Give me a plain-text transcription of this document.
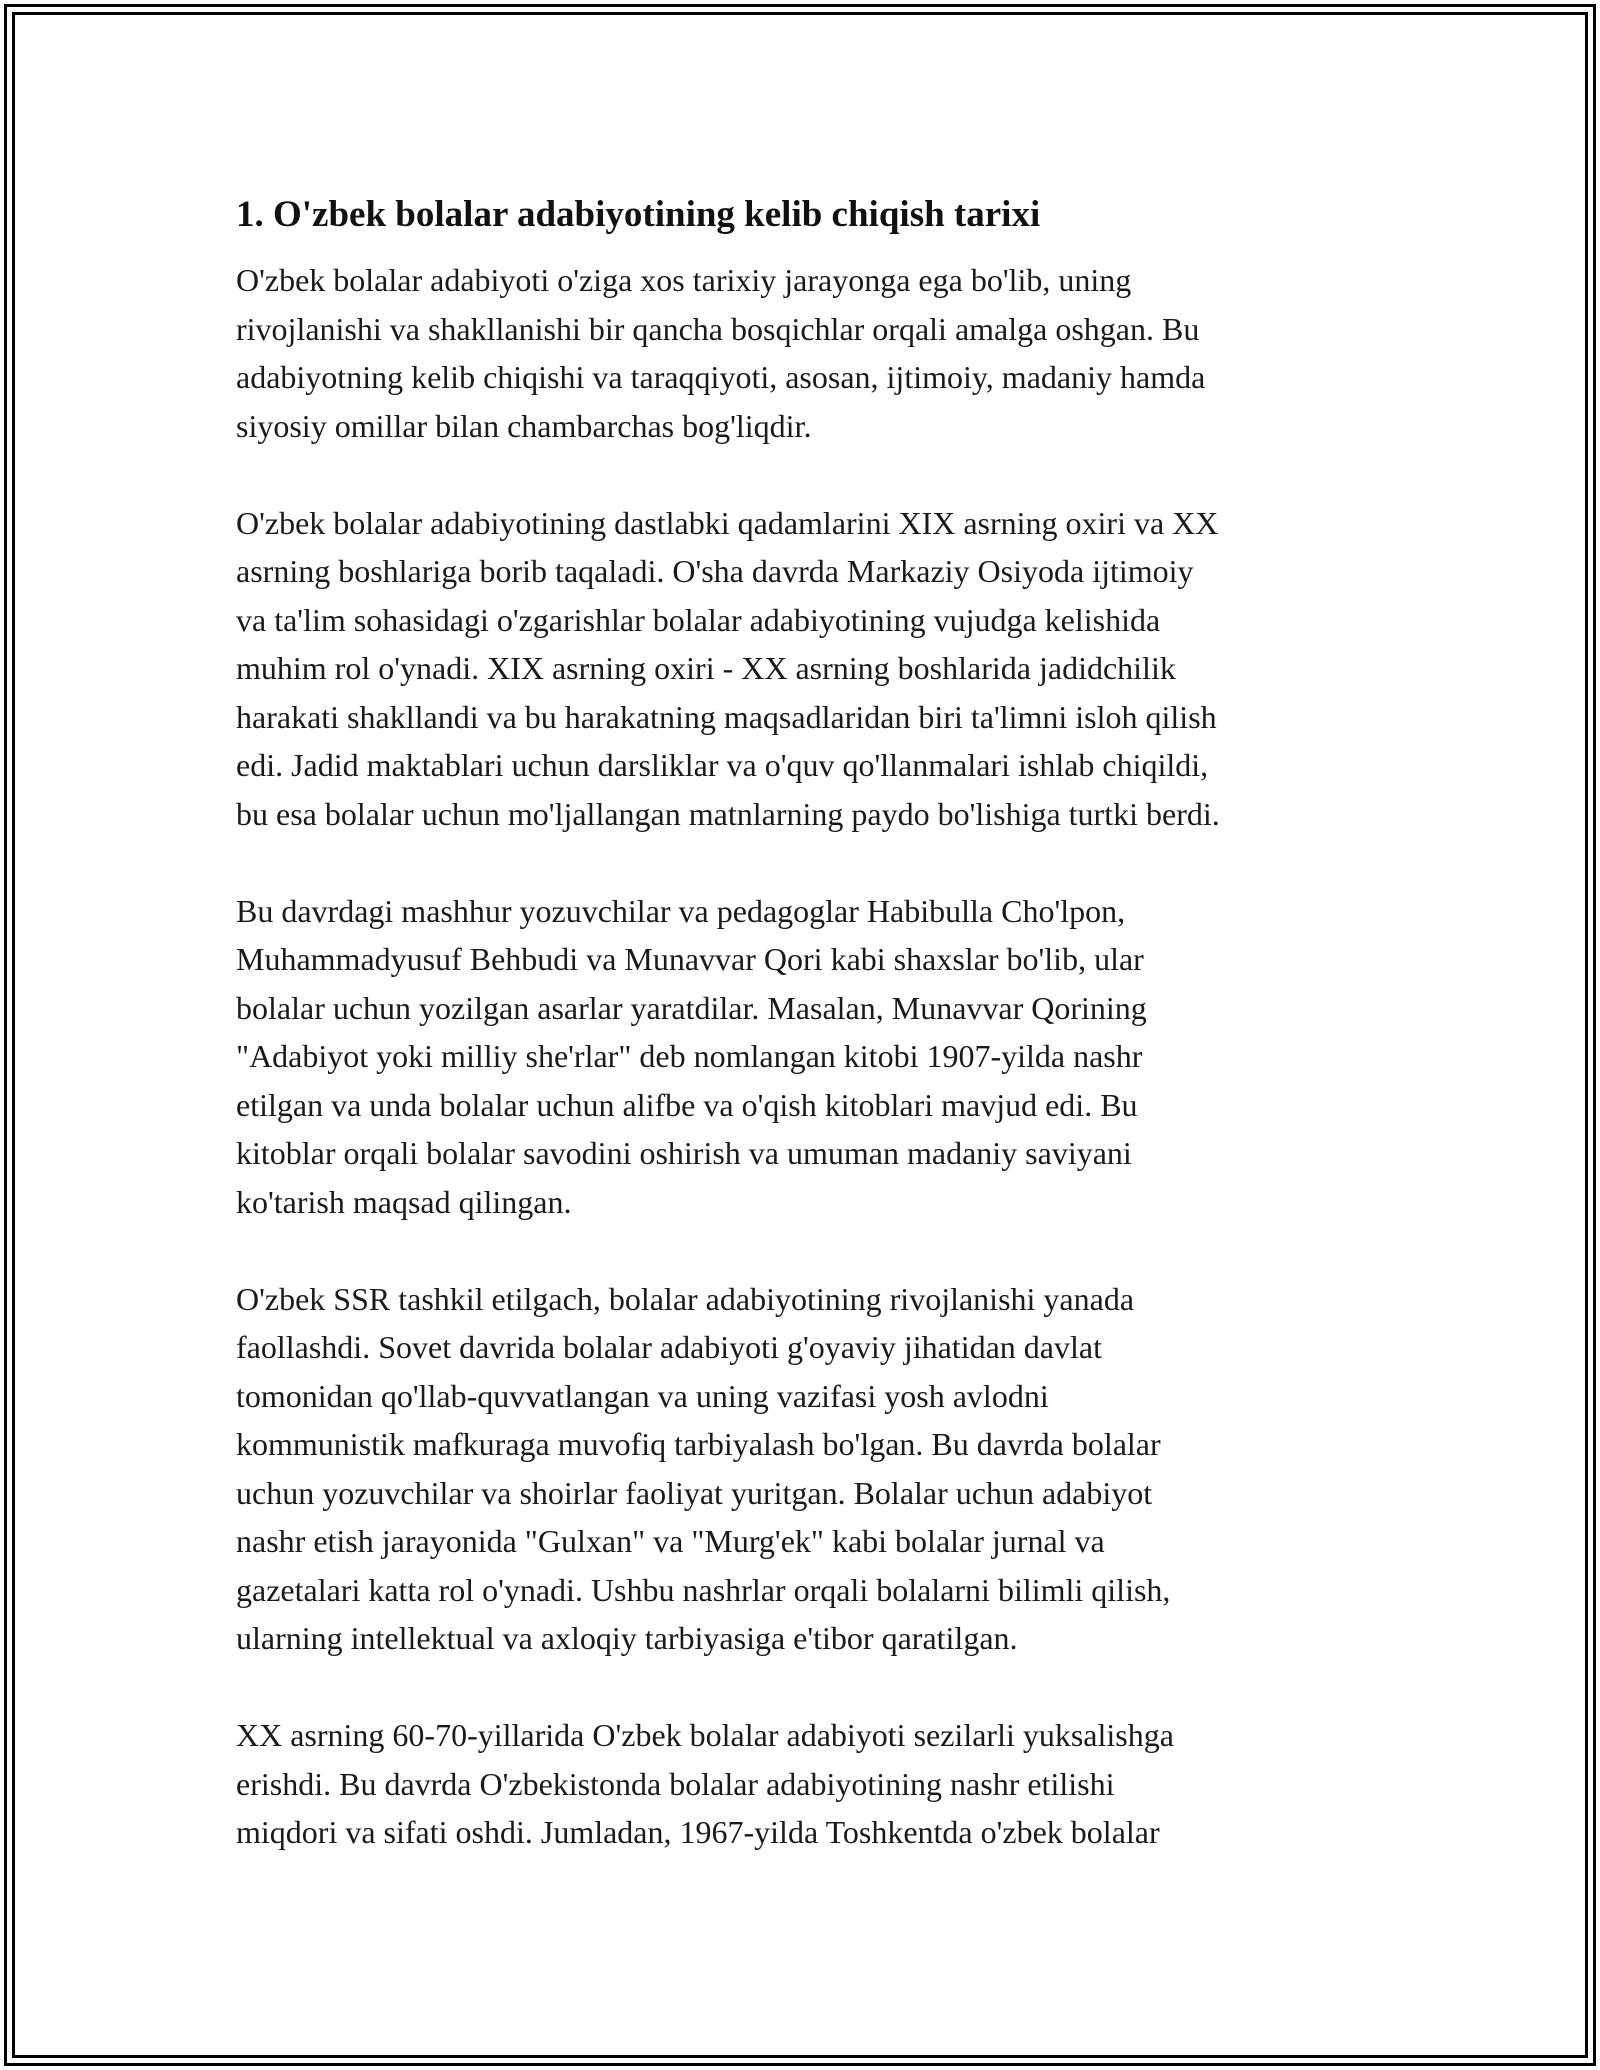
1. O'zbek bolalar adabiyotining kelib chiqish tarixi

O'zbek bolalar adabiyoti o'ziga xos tarixiy jarayonga ega bo'lib, uning
rivojlanishi va shakllanishi bir qancha bosqichlar orqali amalga oshgan. Bu
adabiyotning kelib chiqishi va taraqqiyoti, asosan, ijtimoiy, madaniy hamda
siyosiy omillar bilan chambarchas bog'liqdir.

O'zbek bolalar adabiyotining dastlabki qadamlarini XIX asrning oxiri va XX
asrning boshlariga borib taqaladi. O'sha davrda Markaziy Osiyoda ijtimoiy
va ta'lim sohasidagi o'zgarishlar bolalar adabiyotining vujudga kelishida
muhim rol o'ynadi. XIX asrning oxiri - XX asrning boshlarida jadidchilik
harakati shakllandi va bu harakatning maqsadlaridan biri ta'limni isloh qilish
edi. Jadid maktablari uchun darsliklar va o'quv qo'llanmalari ishlab chiqildi,
bu esa bolalar uchun mo'ljallangan matnlarning paydo bo'lishiga turtki berdi.

Bu davrdagi mashhur yozuvchilar va pedagoglar Habibulla Cho'lpon,
Muhammadyusuf Behbudi va Munavvar Qori kabi shaxslar bo'lib, ular
bolalar uchun yozilgan asarlar yaratdilar. Masalan, Munavvar Qorining
"Adabiyot yoki milliy she'rlar" deb nomlangan kitobi 1907-yilda nashr
etilgan va unda bolalar uchun alifbe va o'qish kitoblari mavjud edi. Bu
kitoblar orqali bolalar savodini oshirish va umuman madaniy saviyani
ko'tarish maqsad qilingan.

O'zbek SSR tashkil etilgach, bolalar adabiyotining rivojlanishi yanada
faollashdi. Sovet davrida bolalar adabiyoti g'oyaviy jihatidan davlat
tomonidan qo'llab-quvvatlangan va uning vazifasi yosh avlodni
kommunistik mafkuraga muvofiq tarbiyalash bo'lgan. Bu davrda bolalar
uchun yozuvchilar va shoirlar faoliyat yuritgan. Bolalar uchun adabiyot
nashr etish jarayonida "Gulxan" va "Murg'ek" kabi bolalar jurnal va
gazetalari katta rol o'ynadi. Ushbu nashrlar orqali bolalarni bilimli qilish,
ularning intellektual va axloqiy tarbiyasiga e'tibor qaratilgan.

XX asrning 60-70-yillarida O'zbek bolalar adabiyoti sezilarli yuksalishga
erishdi. Bu davrda O'zbekistonda bolalar adabiyotining nashr etilishi
miqdori va sifati oshdi. Jumladan, 1967-yilda Toshkentda o'zbek bolalar
